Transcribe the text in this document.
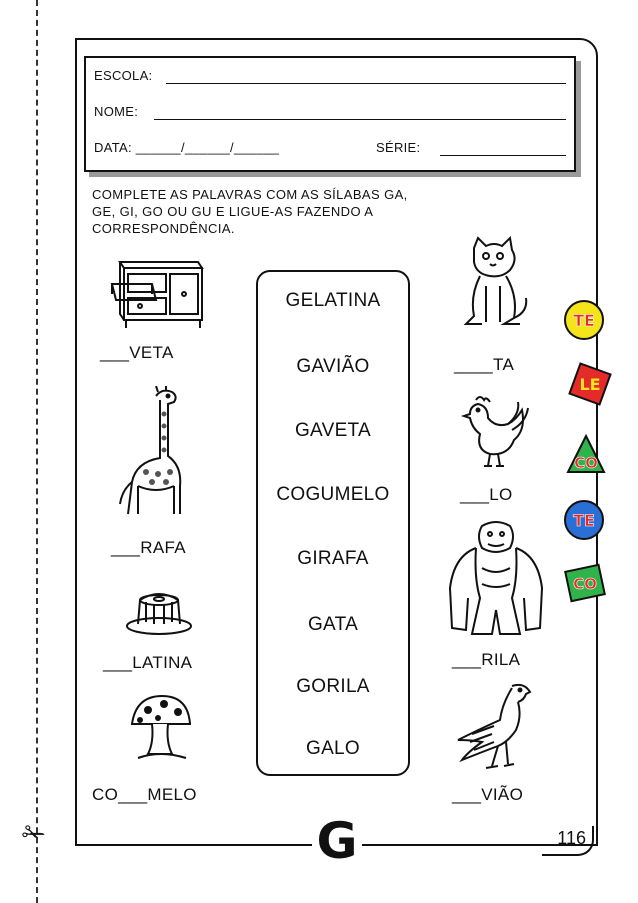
✁
ESCOLA:
NOME:
DATA: ______/______/______	SÉRIE:
COMPLETE AS PALAVRAS COM AS SÍLABAS GA,
GE, GI, GO OU GU E LIGUE-AS FAZENDO A
CORRESPONDÊNCIA.
GELATINA
GAVIÃO
GAVETA
COGUMELO
GIRAFA
GATA
GORILA
GALO
___VETA
___RAFA
___LATINA
CO___MELO
____TA
___LO
___RILA
___VIÃO
TE
LE
CO
TE
CO
G	116
